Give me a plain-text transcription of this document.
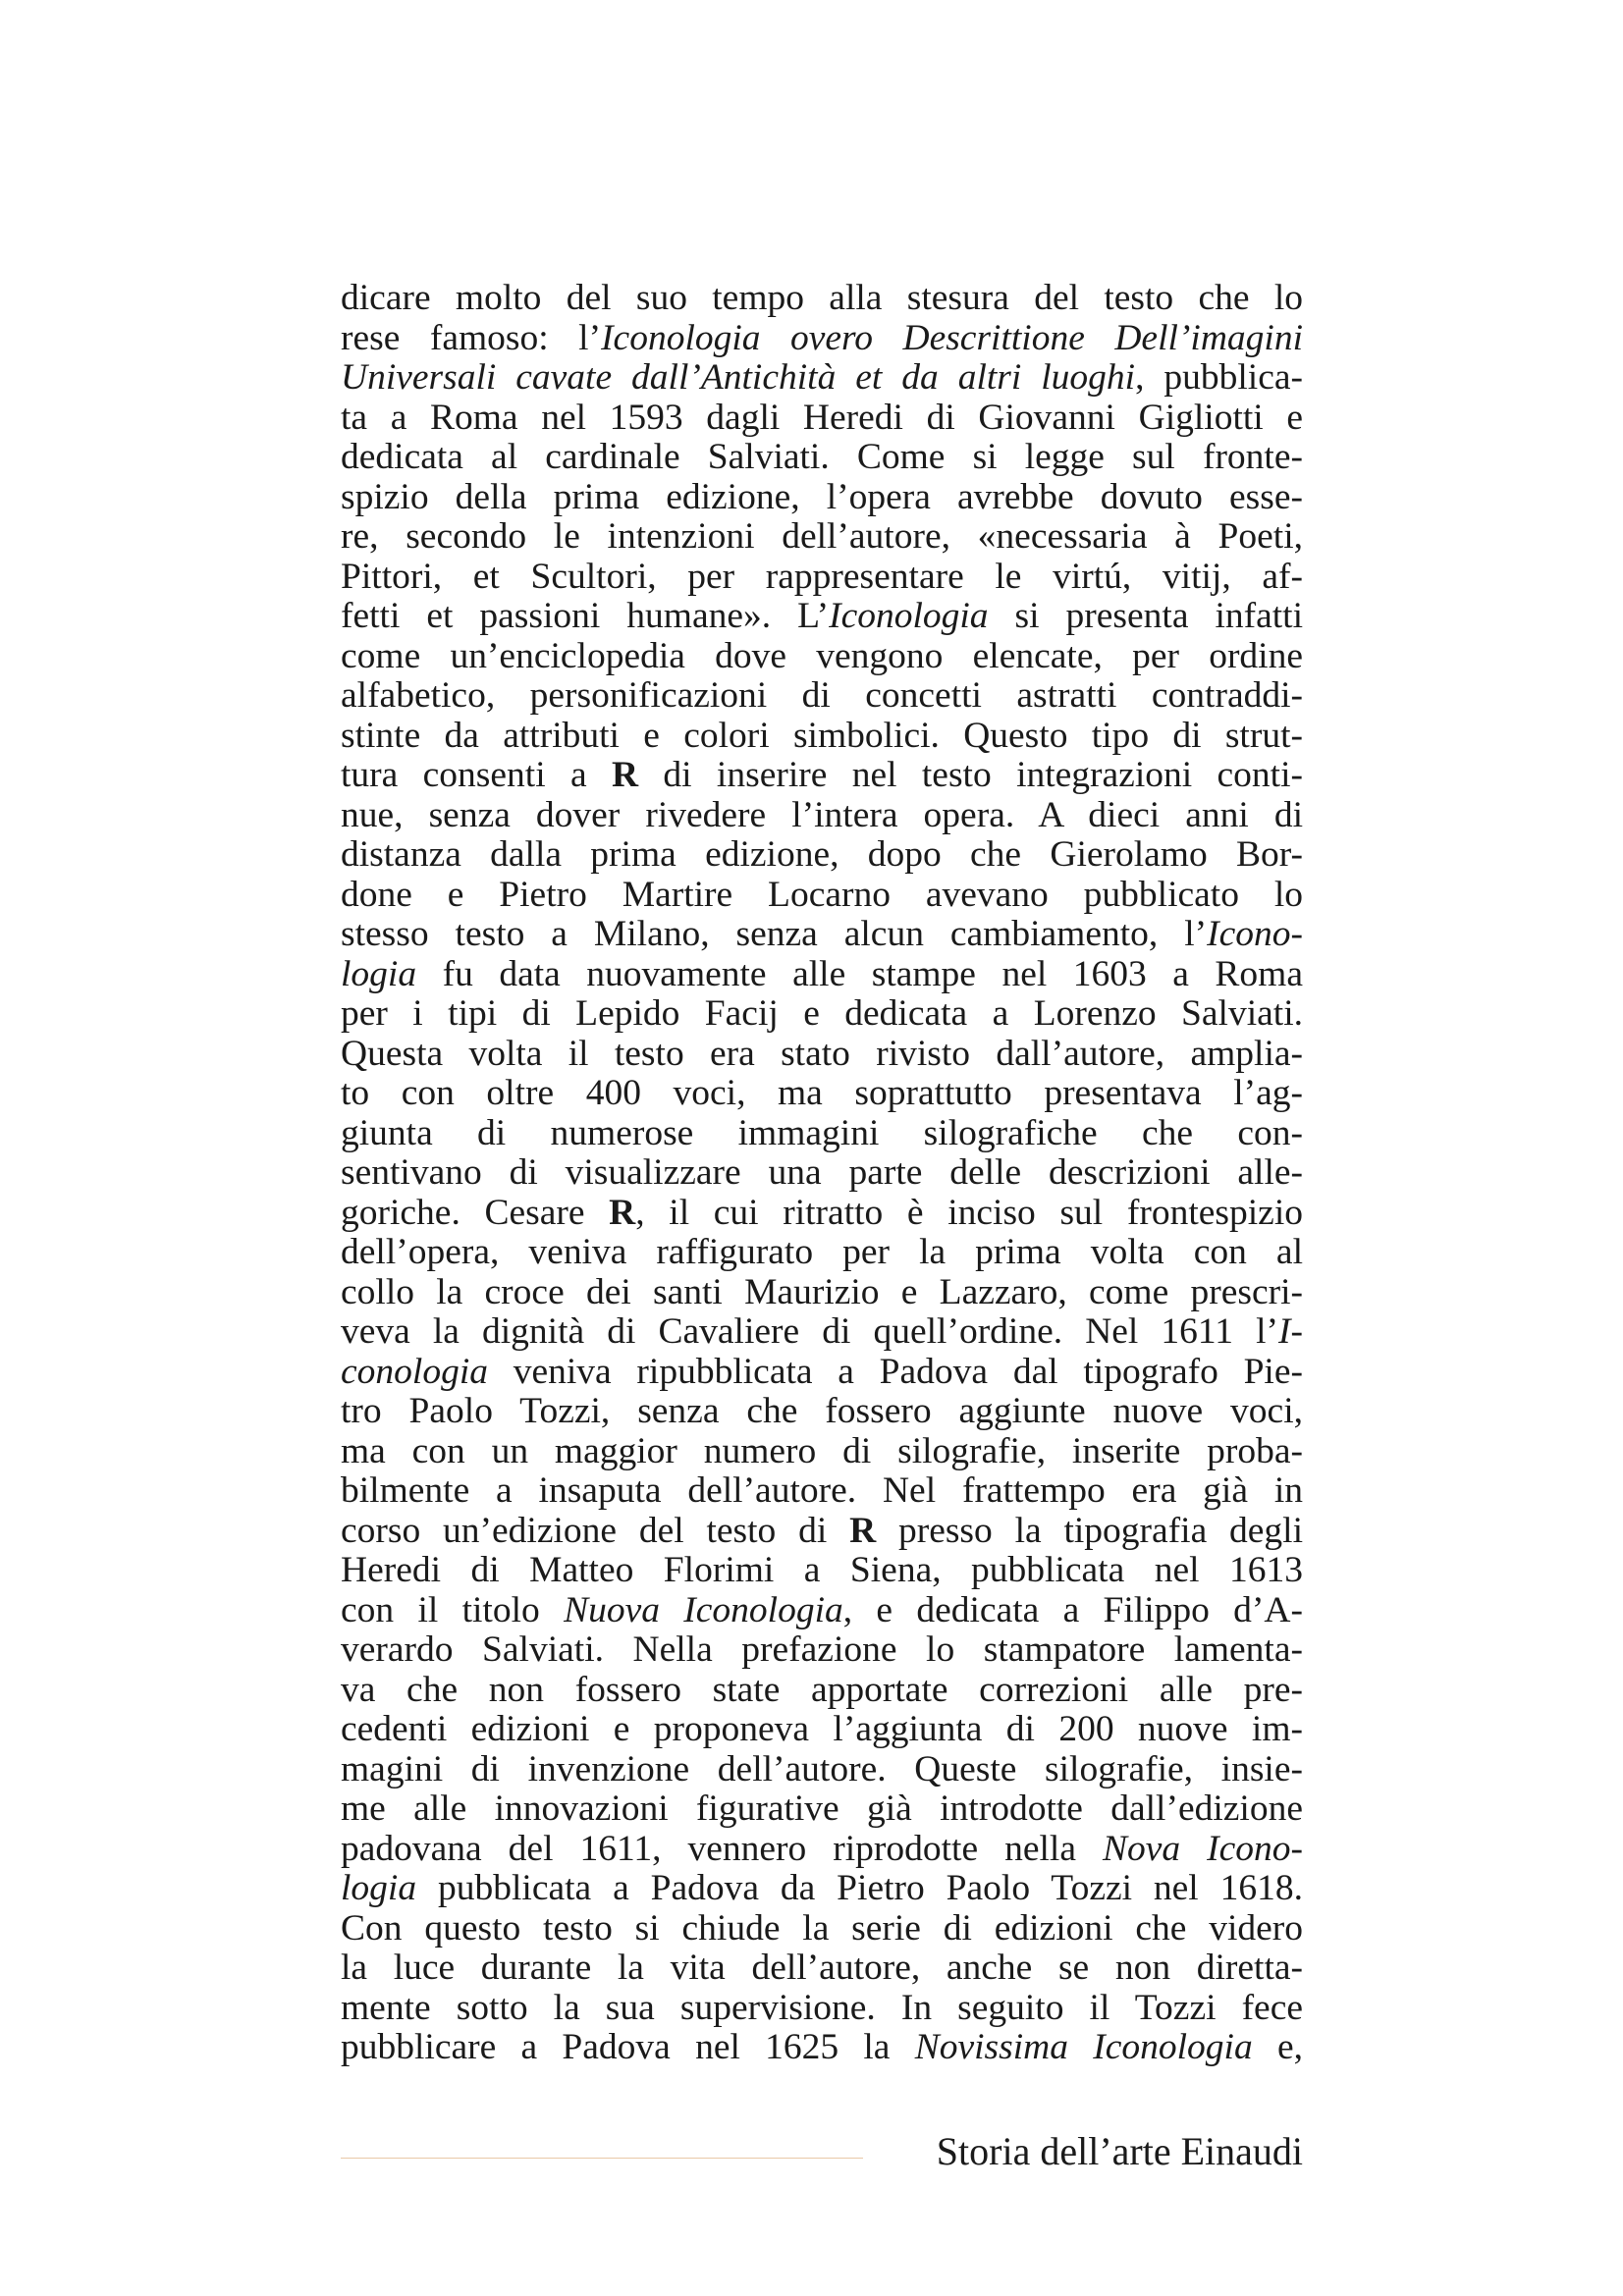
dicare molto del suo tempo alla stesura del testo che lo
rese famoso: l’Iconologia overo Descrittione Dell’imagini
Universali cavate dall’Antichità et da altri luoghi, pubblica-
ta a Roma nel 1593 dagli Heredi di Giovanni Gigliotti e
dedicata al cardinale Salviati. Come si legge sul fronte-
spizio della prima edizione, l’opera avrebbe dovuto esse-
re, secondo le intenzioni dell’autore, «necessaria à Poeti,
Pittori, et Scultori, per rappresentare le virtú, vitij, af-
fetti et passioni humane». L’Iconologia si presenta infatti
come un’enciclopedia dove vengono elencate, per ordine
alfabetico, personificazioni di concetti astratti contraddi-
stinte da attributi e colori simbolici. Questo tipo di strut-
tura consenti a R di inserire nel testo integrazioni conti-
nue, senza dover rivedere l’intera opera. A dieci anni di
distanza dalla prima edizione, dopo che Gierolamo Bor-
done e Pietro Martire Locarno avevano pubblicato lo
stesso testo a Milano, senza alcun cambiamento, l’Icono-
logia fu data nuovamente alle stampe nel 1603 a Roma
per i tipi di Lepido Facij e dedicata a Lorenzo Salviati.
Questa volta il testo era stato rivisto dall’autore, amplia-
to con oltre 400 voci, ma soprattutto presentava l’ag-
giunta di numerose immagini silografiche che con-
sentivano di visualizzare una parte delle descrizioni alle-
goriche. Cesare R, il cui ritratto è inciso sul frontespizio
dell’opera, veniva raffigurato per la prima volta con al
collo la croce dei santi Maurizio e Lazzaro, come prescri-
veva la dignità di Cavaliere di quell’ordine. Nel 1611 l’I-
conologia veniva ripubblicata a Padova dal tipografo Pie-
tro Paolo Tozzi, senza che fossero aggiunte nuove voci,
ma con un maggior numero di silografie, inserite proba-
bilmente a insaputa dell’autore. Nel frattempo era già in
corso un’edizione del testo di R presso la tipografia degli
Heredi di Matteo Florimi a Siena, pubblicata nel 1613
con il titolo Nuova Iconologia, e dedicata a Filippo d’A-
verardo Salviati. Nella prefazione lo stampatore lamenta-
va che non fossero state apportate correzioni alle pre-
cedenti edizioni e proponeva l’aggiunta di 200 nuove im-
magini di invenzione dell’autore. Queste silografie, insie-
me alle innovazioni figurative già introdotte dall’edizione
padovana del 1611, vennero riprodotte nella Nova Icono-
logia pubblicata a Padova da Pietro Paolo Tozzi nel 1618.
Con questo testo si chiude la serie di edizioni che videro
la luce durante la vita dell’autore, anche se non diretta-
mente sotto la sua supervisione. In seguito il Tozzi fece
pubblicare a Padova nel 1625 la Novissima Iconologia e,
Storia dell’arte Einaudi
